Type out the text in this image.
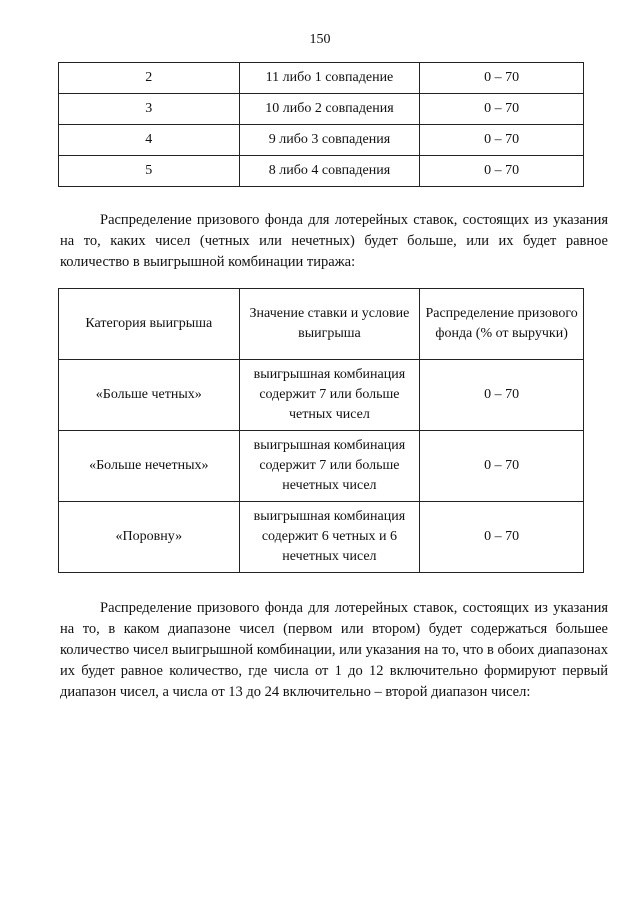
150
2	11 либо 1 совпадение	0 – 70
3	10 либо 2 совпадения	0 – 70
4	9 либо 3 совпадения	0 – 70
5	8 либо 4 совпадения	0 – 70

Распределение призового фонда для лотерейных ставок, состоящих из указания на то, каких чисел (четных или нечетных) будет больше, или их будет равное количество в выигрышной комбинации тиража:

Категория выигрыша	Значение ставки и условие выигрыша	Распределение призового фонда (% от выручки)
«Больше четных»	выигрышная комбинация содержит 7 или больше четных чисел	0 – 70
«Больше нечетных»	выигрышная комбинация содержит 7 или больше нечетных чисел	0 – 70
«Поровну»	выигрышная комбинация содержит 6 четных и 6 нечетных чисел	0 – 70

Распределение призового фонда для лотерейных ставок, состоящих из указания на то, в каком диапазоне чисел (первом или втором) будет содержаться большее количество чисел выигрышной комбинации, или указания на то, что в обоих диапазонах их будет равное количество, где числа от 1 до 12 включительно формируют первый диапазон чисел, а числа от 13 до 24 включительно – второй диапазон чисел:
